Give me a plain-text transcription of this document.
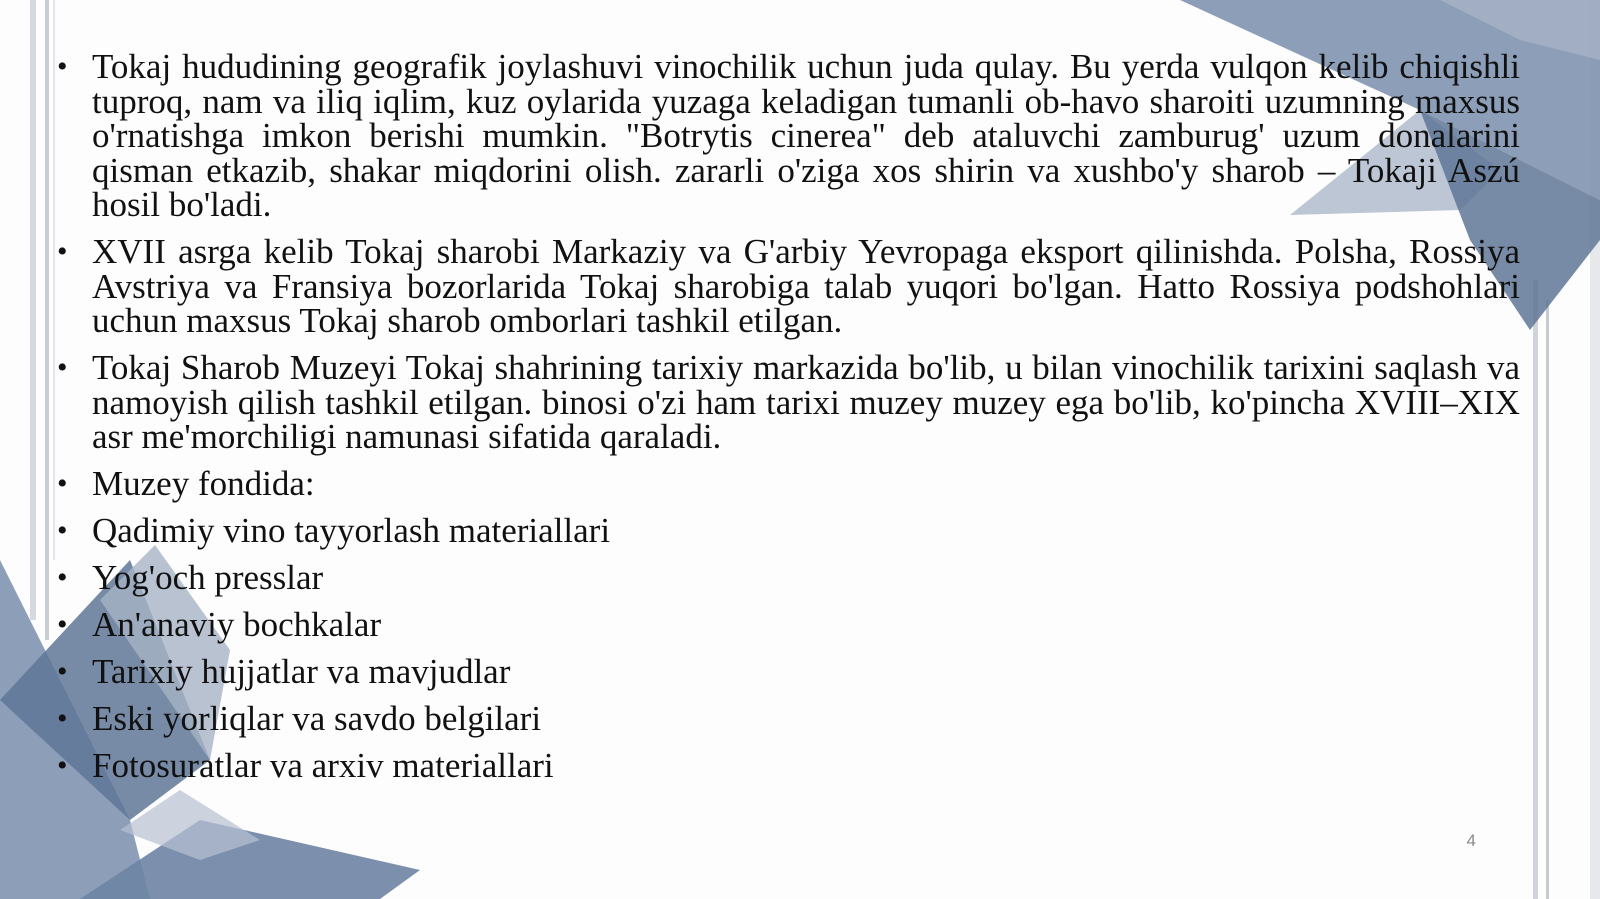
• Tokaj hududining geografik joylashuvi vinochilik uchun juda qulay. Bu yerda vulqon kelib chiqishli tuproq, nam va iliq iqlim, kuz oylarida yuzaga keladigan tumanli ob-havo sharoiti uzumning maxsus o'rnatishga imkon berishi mumkin. "Botrytis cinerea" deb ataluvchi zamburug' uzum donalarini qisman etkazib, shakar miqdorini olish. zararli o'ziga xos shirin va xushbo'y sharob – Tokaji Aszú hosil bo'ladi.
• XVII asrga kelib Tokaj sharobi Markaziy va G'arbiy Yevropaga eksport qilinishda. Polsha, Rossiya Avstriya va Fransiya bozorlarida Tokaj sharobiga talab yuqori bo'lgan. Hatto Rossiya podshohlari uchun maxsus Tokaj sharob omborlari tashkil etilgan.
• Tokaj Sharob Muzeyi Tokaj shahrining tarixiy markazida bo'lib, u bilan vinochilik tarixini saqlash va namoyish qilish tashkil etilgan. binosi o'zi ham tarixi muzey muzey ega bo'lib, ko'pincha XVIII–XIX asr me'morchiligi namunasi sifatida qaraladi.
• Muzey fondida:
• Qadimiy vino tayyorlash materiallari
• Yog'och presslar
• An'anaviy bochkalar
• Tarixiy hujjatlar va mavjudlar
• Eski yorliqlar va savdo belgilari
• Fotosuratlar va arxiv materiallari
4
